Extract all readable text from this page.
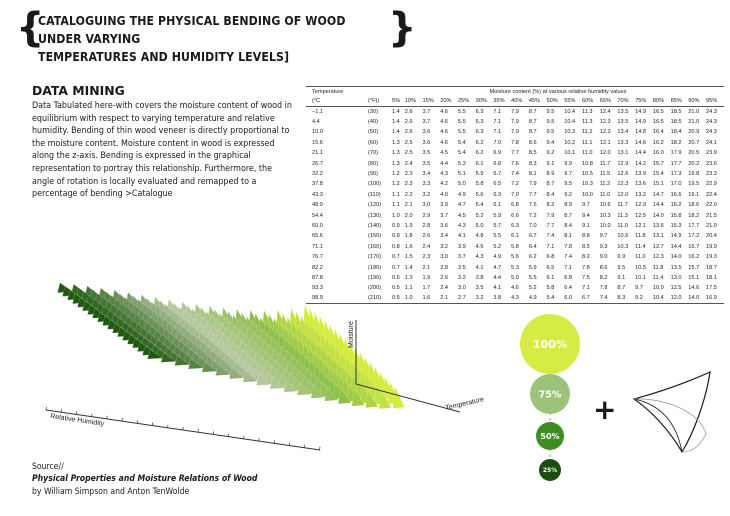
{
CATALOGUING THE PHYSICAL BENDING OF WOOD UNDER VARYING
TEMPERATURES AND HUMIDITY LEVELS]
}
DATA MINING
Data Tabulated here-with covers the moisture content of wood in equilibrium with respect to varying temperature and relative humidity. Bending of thin wood veneer is directly proportional to the moisture content. Moisture content in wood is expressed along the z-axis. Bending is expressed in the graphical representation to portray this relationship. Furthermore, the angle of rotation is locally evaluated and remapped to a percentage of bending >Catalogue
Temperature		Moisture content (%) at various relative humidity values																		
(°C	(°F))	5%	10%	15%	20%	25%	30%	35%	40%	45%	50%	55%	60%	65%	70%	75%	80%	85%	90%	95%
−1.1	(30)	1.4	2.6	3.7	4.6	5.5	6.3	7.1	7.9	8.7	9.5	10.4	11.3	12.4	13.5	14.9	16.5	18.5	21.0	24.3
4.4	(40)	1.4	2.6	3.7	4.6	5.5	6.3	7.1	7.9	8.7	9.5	10.4	11.3	12.3	13.5	14.9	16.5	18.5	21.0	24.3
10.0	(50)	1.4	2.6	3.6	4.6	5.5	6.3	7.1	7.9	8.7	9.5	10.3	11.2	12.3	13.4	14.8	16.4	18.4	20.9	24.3
15.6	(60)	1.3	2.5	3.6	4.6	5.4	6.2	7.0	7.8	8.6	9.4	10.2	11.1	12.1	13.3	14.6	16.2	18.2	20.7	24.1
21.1	(70)	1.3	2.5	3.5	4.5	5.4	6.2	6.9	7.7	8.5	9.2	10.1	11.0	12.0	13.1	14.4	16.0	17.9	20.5	23.9
26.7	(80)	1.3	2.4	3.5	4.4	5.3	6.1	6.8	7.6	8.3	9.1	9.9	10.8	11.7	12.9	14.2	15.7	17.7	20.2	23.6
32.2	(90)	1.2	2.3	3.4	4.3	5.1	5.9	6.7	7.4	8.1	8.9	9.7	10.5	11.5	12.6	13.9	15.4	17.3	19.8	23.3
37.8	(100)	1.2	2.3	3.3	4.2	5.0	5.8	6.5	7.2	7.9	8.7	9.5	10.3	11.2	12.3	13.6	15.1	17.0	19.5	22.9
43.3	(110)	1.1	2.2	3.2	4.0	4.9	5.6	6.3	7.0	7.7	8.4	9.2	10.0	11.0	12.0	13.2	14.7	16.6	19.1	22.4
48.9	(120)	1.1	2.1	3.0	3.9	4.7	5.4	6.1	6.8	7.5	8.2	8.9	9.7	10.6	11.7	12.9	14.4	16.2	18.6	22.0
54.4	(130)	1.0	2.0	2.9	3.7	4.5	5.2	5.9	6.6	7.2	7.9	8.7	9.4	10.3	11.3	12.5	14.0	15.8	18.2	21.5
60.0	(140)	0.9	1.9	2.8	3.6	4.3	5.0	5.7	6.3	7.0	7.7	8.4	9.1	10.0	11.0	12.1	13.6	15.3	17.7	21.0
65.6	(150)	0.9	1.8	2.6	3.4	4.1	4.8	5.5	6.1	6.7	7.4	8.1	8.8	9.7	10.6	11.8	13.1	14.9	17.2	20.4
71.1	(160)	0.8	1.6	2.4	3.2	3.9	4.6	5.2	5.8	6.4	7.1	7.8	8.5	9.3	10.3	11.4	12.7	14.4	16.7	19.9
76.7	(170)	0.7	1.5	2.3	3.0	3.7	4.3	4.9	5.6	6.2	6.8	7.4	8.2	9.0	9.9	11.0	12.3	14.0	16.2	19.3
82.2	(180)	0.7	1.4	2.1	2.8	3.5	4.1	4.7	5.3	5.9	6.5	7.1	7.8	8.6	9.5	10.5	11.8	13.5	15.7	18.7
87.8	(190)	0.6	1.3	1.9	2.6	3.2	3.8	4.4	5.0	5.5	6.1	6.8	7.5	8.2	9.1	10.1	11.4	13.0	15.1	18.1
93.3	(200)	0.5	1.1	1.7	2.4	3.0	3.5	4.1	4.6	5.2	5.8	6.4	7.1	7.8	8.7	9.7	10.9	12.5	14.6	17.5
98.9	(210)	0.5	1.0	1.6	2.1	2.7	3.2	3.8	4.3	4.9	5.4	6.0	6.7	7.4	8.3	9.2	10.4	12.0	14.0	16.9
Relative Humidity
Moisture
Temperature
100%
75%
50%
25%
+
Source//
Physical Properties and Moisture Relations of Wood
by William Simpson and Anton TenWolde
